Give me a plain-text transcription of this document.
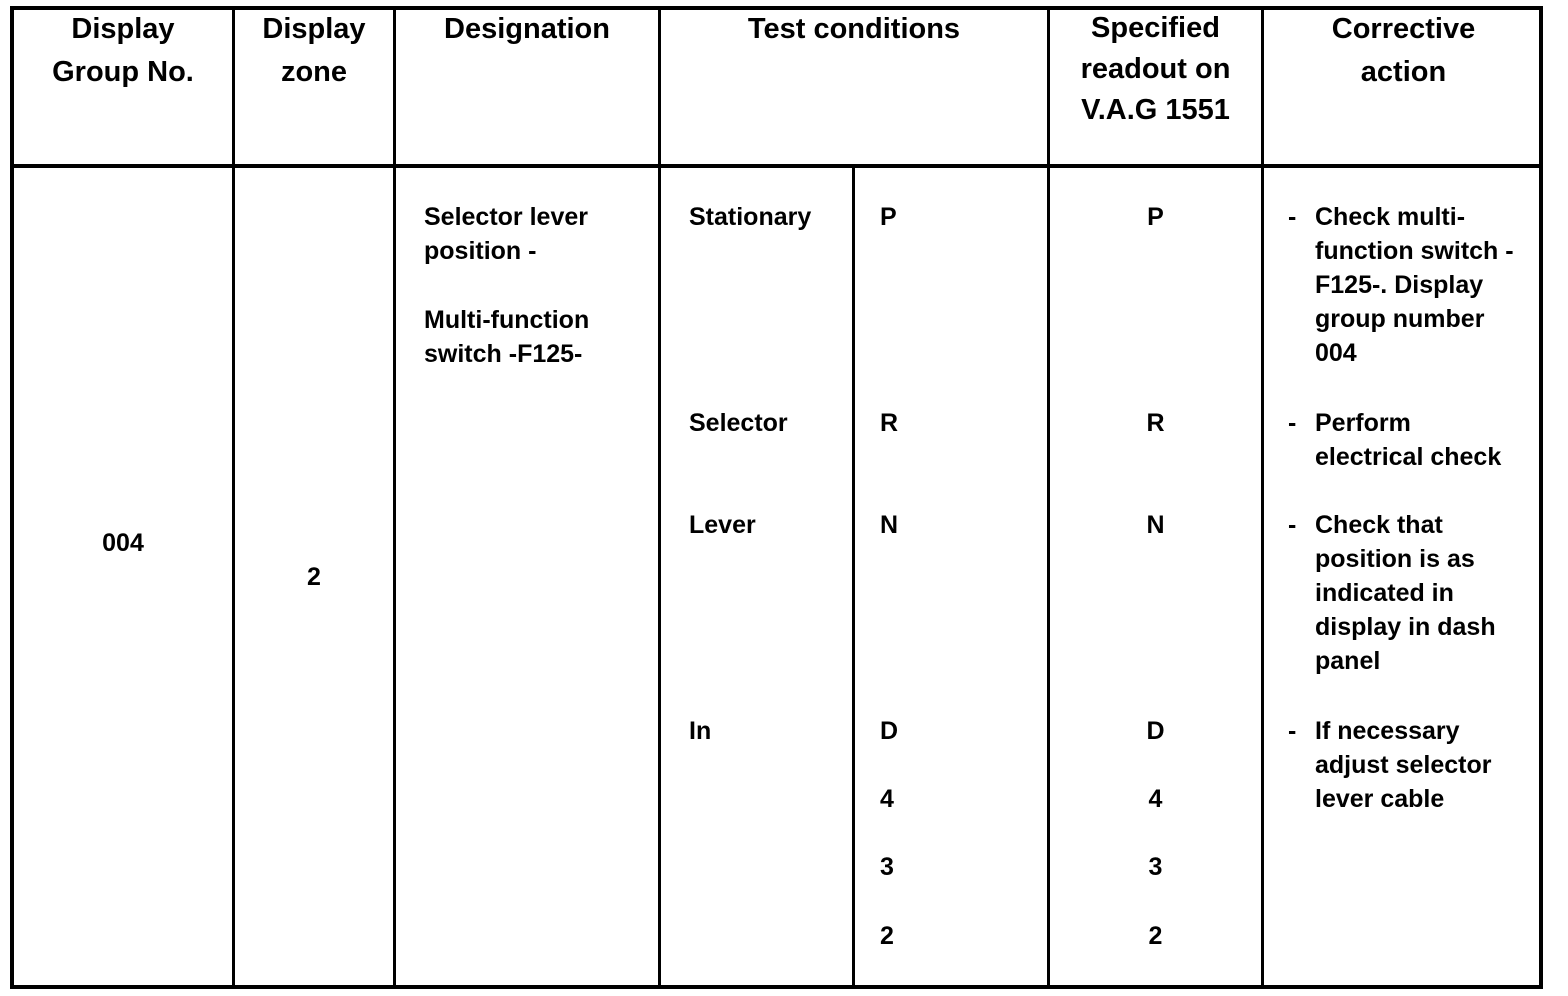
Display
Group No.
Display
zone
Designation	Test conditions	Specified
readout on
V.A.G 1551
Corrective
action
004
2
Selector lever
position -
Multi-function
switch -F125-
Stationary
Selector
Lever
In
P
R
N
D
4
3
2
P
R
N
D
4
3
2
- Check multi-
function switch -
F125-. Display
group number
004
- Perform
electrical check
- Check that
position is as
indicated in
display in dash
panel
- If necessary
adjust selector
lever cable
